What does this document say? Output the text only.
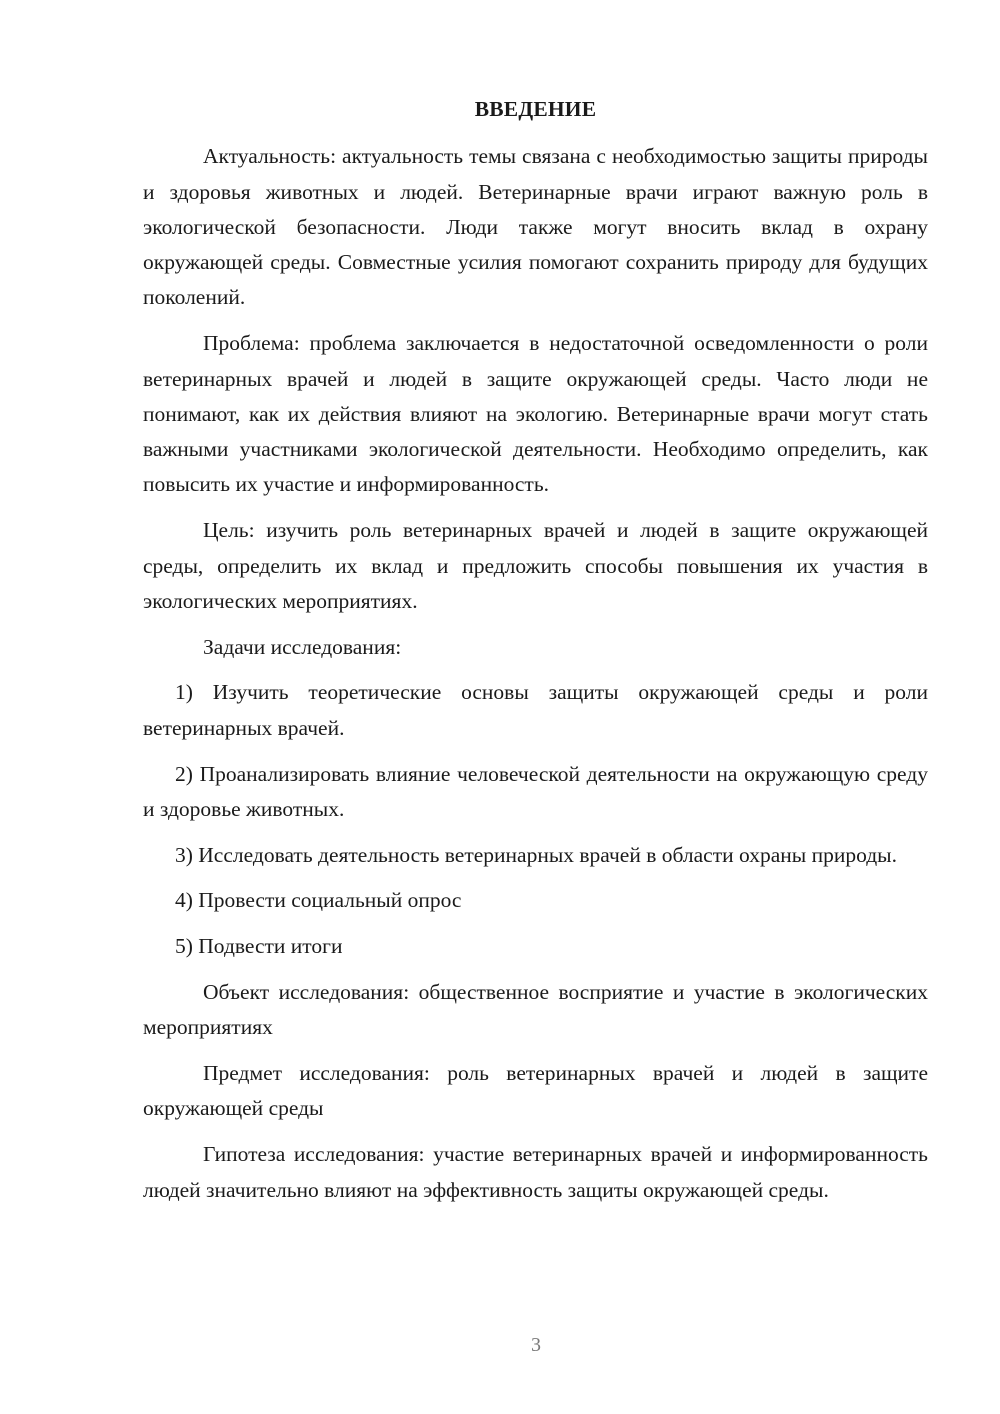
ВВЕДЕНИЕ

Актуальность: актуальность темы связана с необходимостью защиты природы и здоровья животных и людей. Ветеринарные врачи играют важную роль в экологической безопасности. Люди также могут вносить вклад в охрану окружающей среды. Совместные усилия помогают сохранить природу для будущих поколений.

Проблема: проблема заключается в недостаточной осведомленности о роли ветеринарных врачей и людей в защите окружающей среды. Часто люди не понимают, как их действия влияют на экологию. Ветеринарные врачи могут стать важными участниками экологической деятельности. Необходимо определить, как повысить их участие и информированность.

Цель: изучить роль ветеринарных врачей и людей в защите окружающей среды, определить их вклад и предложить способы повышения их участия в экологических мероприятиях.

Задачи исследования:

1) Изучить теоретические основы защиты окружающей среды и роли ветеринарных врачей.

2) Проанализировать влияние человеческой деятельности на окружающую среду и здоровье животных.

3) Исследовать деятельность ветеринарных врачей в области охраны природы.

4) Провести социальный опрос

5) Подвести итоги

Объект исследования: общественное восприятие и участие в экологических мероприятиях

Предмет исследования: роль ветеринарных врачей и людей в защите окружающей среды

Гипотеза исследования: участие ветеринарных врачей и информированность людей значительно влияют на эффективность защиты окружающей среды.

3
